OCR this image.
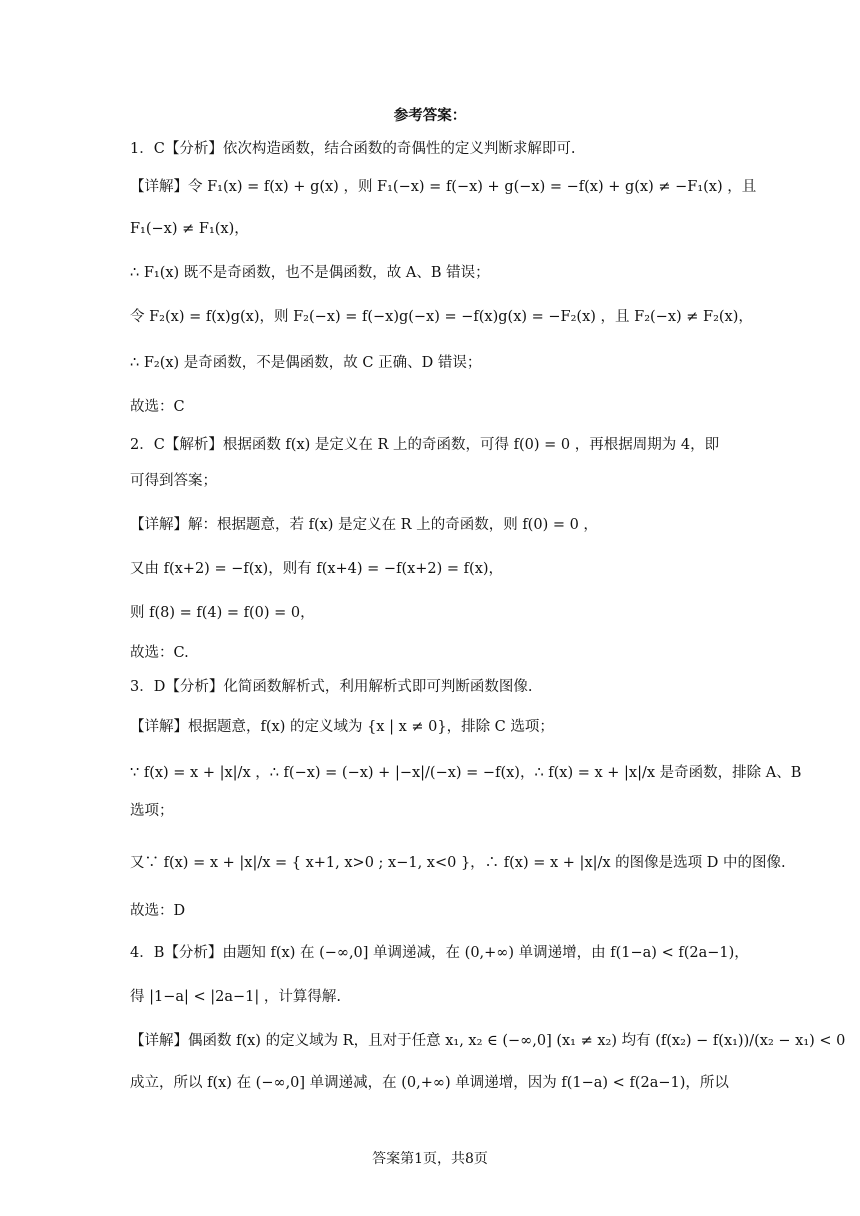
参考答案：
1．C【分析】依次构造函数，结合函数的奇偶性的定义判断求解即可.
【详解】令 F₁(x) = f(x) + g(x) ，则 F₁(−x) = f(−x) + g(−x) = −f(x) + g(x) ≠ −F₁(x) ，且
F₁(−x) ≠ F₁(x)，
∴ F₁(x) 既不是奇函数，也不是偶函数，故 A、B 错误；
令 F₂(x) = f(x)g(x)，则 F₂(−x) = f(−x)g(−x) = −f(x)g(x) = −F₂(x) ，且 F₂(−x) ≠ F₂(x)，
∴ F₂(x) 是奇函数，不是偶函数，故 C 正确、D 错误；
故选：C
2．C【解析】根据函数 f(x) 是定义在 R 上的奇函数，可得 f(0) = 0 ，再根据周期为 4，即
可得到答案；
【详解】解：根据题意，若 f(x) 是定义在 R 上的奇函数，则 f(0) = 0 ，
又由 f(x+2) = −f(x)，则有 f(x+4) = −f(x+2) = f(x)，
则 f(8) = f(4) = f(0) = 0，
故选：C.
3．D【分析】化简函数解析式，利用解析式即可判断函数图像.
【详解】根据题意，f(x) 的定义域为 {x | x ≠ 0}，排除 C 选项；
∵ f(x) = x + |x|/x ，∴ f(−x) = (−x) + |−x|/(−x) = −f(x)，∴ f(x) = x + |x|/x 是奇函数，排除 A、B
选项；
又∵ f(x) = x + |x|/x = { x+1, x>0 ; x−1, x<0 }，∴ f(x) = x + |x|/x 的图像是选项 D 中的图像.
故选：D
4．B【分析】由题知 f(x) 在 (−∞,0] 单调递减，在 (0,+∞) 单调递增，由 f(1−a) < f(2a−1)，
得 |1−a| < |2a−1| ，计算得解.
【详解】偶函数 f(x) 的定义域为 R，且对于任意 x₁, x₂ ∈ (−∞,0] (x₁ ≠ x₂) 均有 (f(x₂) − f(x₁))/(x₂ − x₁) < 0
成立，所以 f(x) 在 (−∞,0] 单调递减，在 (0,+∞) 单调递增，因为 f(1−a) < f(2a−1)，所以
答案第1页，共8页
